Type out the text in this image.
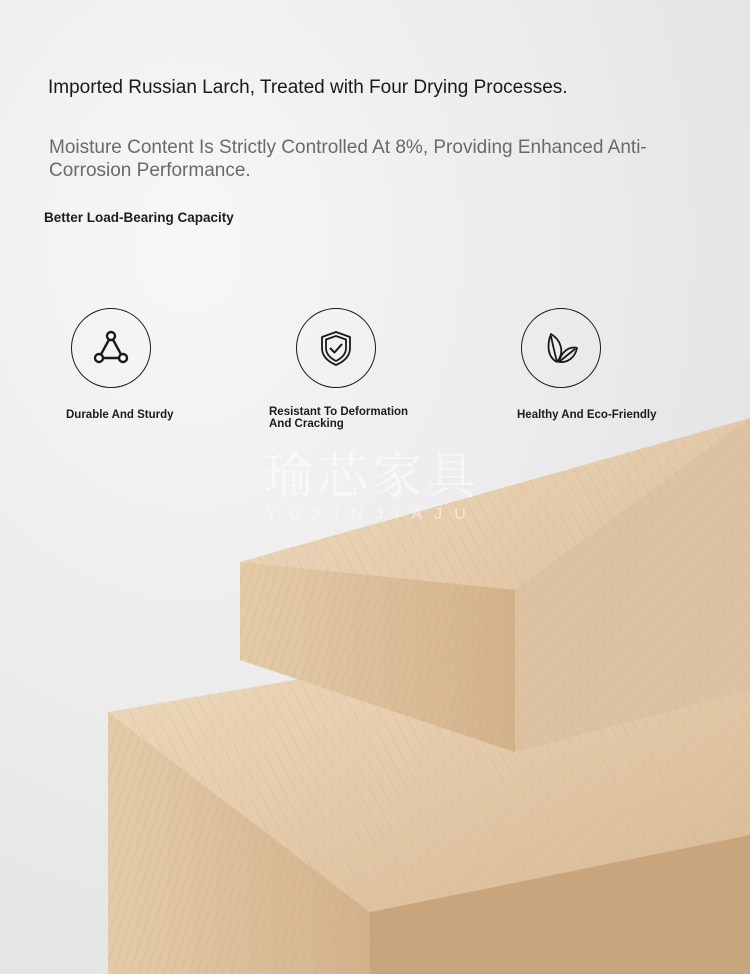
Imported Russian Larch, Treated with Four Drying Processes.

Moisture Content Is Strictly Controlled At 8%, Providing Enhanced Anti-Corrosion Performance.

Better Load-Bearing Capacity
Durable And Sturdy	Resistant To Deformation
And Cracking
Healthy And Eco-Friendly
瑜芯家具
YUXINJIAJU
